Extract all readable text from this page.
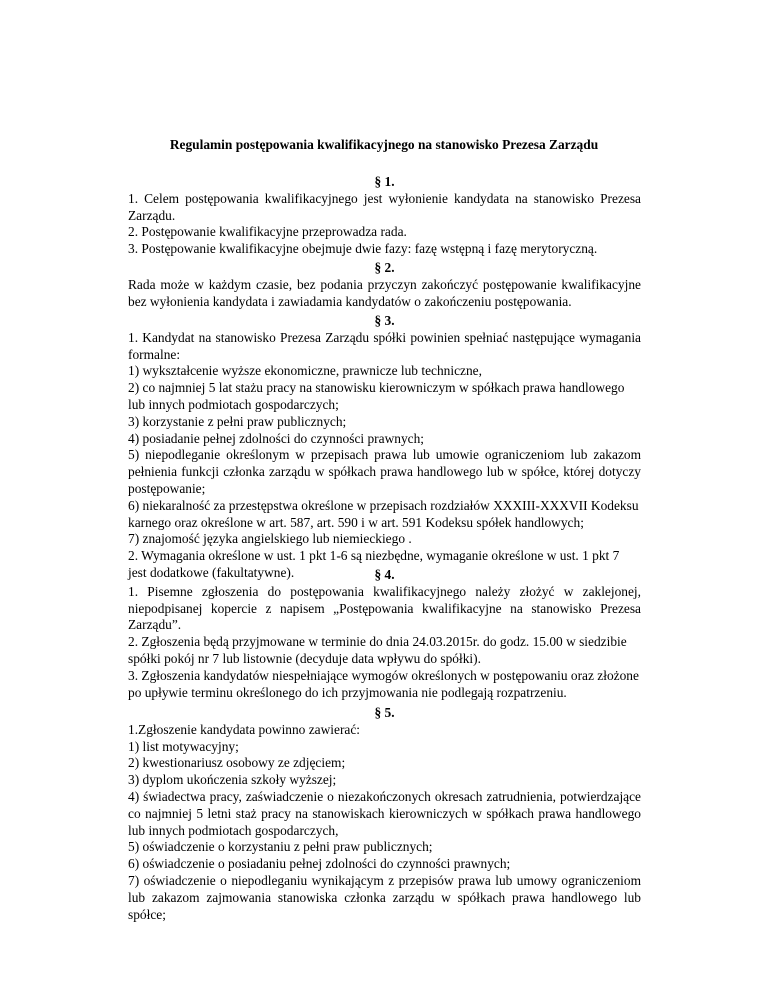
Regulamin postępowania kwalifikacyjnego na stanowisko Prezesa Zarządu
§ 1.

1. Celem postępowania kwalifikacyjnego jest wyłonienie kandydata na stanowisko Prezesa Zarządu.

2. Postępowanie kwalifikacyjne przeprowadza rada.

3. Postępowanie kwalifikacyjne obejmuje dwie fazy: fazę wstępną i fazę merytoryczną.

§ 2.

Rada może w każdym czasie, bez podania przyczyn zakończyć postępowanie kwalifikacyjne bez wyłonienia kandydata i zawiadamia kandydatów o zakończeniu postępowania.

§ 3.

1. Kandydat na stanowisko Prezesa Zarządu spółki powinien spełniać następujące wymagania formalne:

1) wykształcenie wyższe ekonomiczne, prawnicze lub techniczne,

2) co najmniej 5 lat stażu pracy na stanowisku kierowniczym w spółkach prawa handlowego lub innych podmiotach gospodarczych;

3) korzystanie z pełni praw publicznych;

4) posiadanie pełnej zdolności do czynności prawnych;

5) niepodleganie określonym w przepisach prawa lub umowie ograniczeniom lub zakazom pełnienia funkcji członka zarządu w spółkach prawa handlowego lub w spółce, której dotyczy postępowanie;

6) niekaralność za przestępstwa określone w przepisach rozdziałów XXXIII-XXXVII Kodeksu karnego oraz określone w art. 587, art. 590 i w art. 591 Kodeksu spółek handlowych;

7) znajomość języka angielskiego lub niemieckiego .

2. Wymagania określone w ust. 1 pkt 1-6 są niezbędne, wymaganie określone w ust. 1 pkt 7 jest dodatkowe (fakultatywne).	§ 4.

1. Pisemne zgłoszenia do postępowania kwalifikacyjnego należy złożyć w zaklejonej, niepodpisanej kopercie z napisem „Postępowania kwalifikacyjne na stanowisko Prezesa Zarządu”.

2. Zgłoszenia będą przyjmowane w terminie do dnia 24.03.2015r. do godz. 15.00 w siedzibie spółki pokój nr 7 lub listownie (decyduje data wpływu do spółki).

3. Zgłoszenia kandydatów niespełniające wymogów określonych w postępowaniu oraz złożone po upływie terminu określonego do ich przyjmowania nie podlegają rozpatrzeniu.

§ 5.

1.Zgłoszenie kandydata powinno zawierać:

1) list motywacyjny;

2) kwestionariusz osobowy ze zdjęciem;

3) dyplom ukończenia szkoły wyższej;

4) świadectwa pracy, zaświadczenie o niezakończonych okresach zatrudnienia, potwierdzające co najmniej 5 letni staż pracy na stanowiskach kierowniczych w spółkach prawa handlowego lub innych podmiotach gospodarczych,

5) oświadczenie o korzystaniu z pełni praw publicznych;

6) oświadczenie o posiadaniu pełnej zdolności do czynności prawnych;

7) oświadczenie o niepodleganiu wynikającym z przepisów prawa lub umowy ograniczeniom lub zakazom zajmowania stanowiska członka zarządu w spółkach prawa handlowego lub spółce;
